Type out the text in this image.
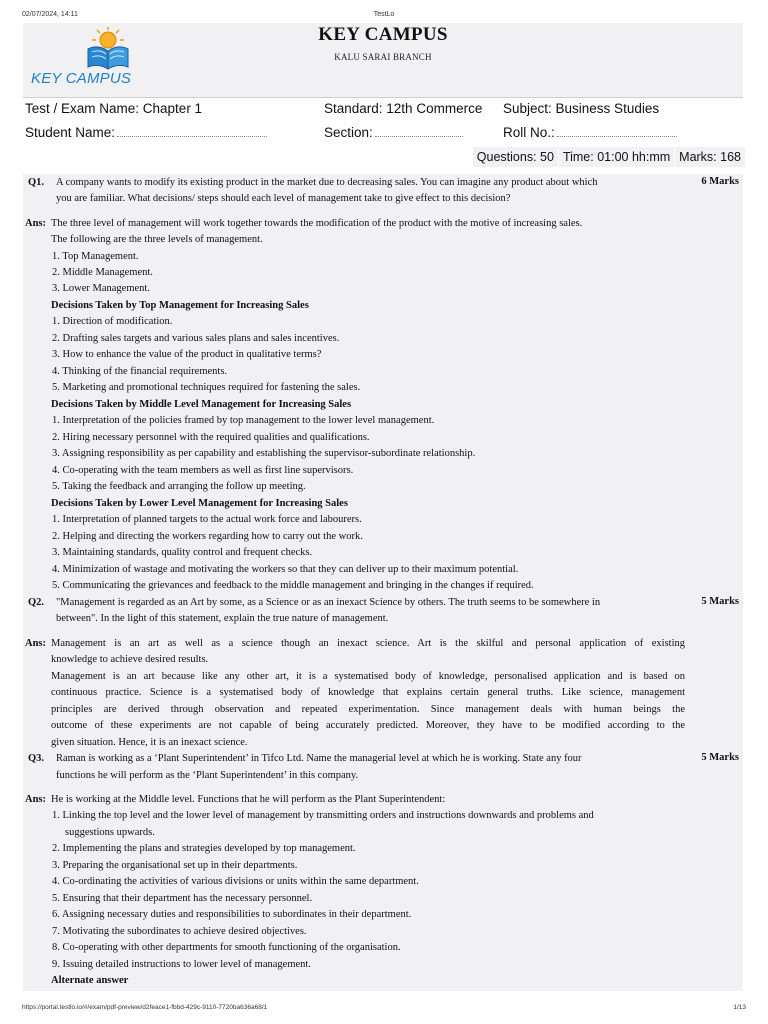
02/07/2024, 14:11	TestLo
KEY CAMPUS
KEY CAMPUS
KALU SARAI BRANCH
Test / Exam Name: Chapter 1	Standard: 12th Commerce Subject: Business Studies
Student Name:	Section:	Roll No.:
Questions: 50 Time: 01:00 hh:mm Marks: 168
Q1. A company wants to modify its existing product in the market due to decreasing sales. You can imagine any product about which
you are familiar. What decisions/ steps should each level of management take to give effect to this decision?
6 Marks
Ans: The three level of management will work together towards the modification of the product with the motive of increasing sales.
The following are the three levels of management.
1. Top Management.
2. Middle Management.
3. Lower Management.
Decisions Taken by Top Management for Increasing Sales
1. Direction of modification.
2. Drafting sales targets and various sales plans and sales incentives.
3. How to enhance the value of the product in qualitative terms?
4. Thinking of the financial requirements.
5. Marketing and promotional techniques required for fastening the sales.
Decisions Taken by Middle Level Management for Increasing Sales
1. Interpretation of the policies framed by top management to the lower level management.
2. Hiring necessary personnel with the required qualities and qualifications.
3. Assigning responsibility as per capability and establishing the supervisor-subordinate relationship.
4. Co-operating with the team members as well as first line supervisors.
5. Taking the feedback and arranging the follow up meeting.
Decisions Taken by Lower Level Management for Increasing Sales
1. Interpretation of planned targets to the actual work force and labourers.
2. Helping and directing the workers regarding how to carry out the work.
3. Maintaining standards, quality control and frequent checks.
4. Minimization of wastage and motivating the workers so that they can deliver up to their maximum potential.
5. Communicating the grievances and feedback to the middle management and bringing in the changes if required.
Q2. "Management is regarded as an Art by some, as a Science or as an inexact Science by others. The truth seems to be somewhere in
between". In the light of this statement, explain the true nature of management.
5 Marks
Ans: Management is an art as well as a science though an inexact science. Art is the skilful and personal application of existing
knowledge to achieve desired results.
Management is an art because like any other art, it is a systematised body of knowledge, personalised application and is based on
continuous practice. Science is a systematised body of knowledge that explains certain general truths. Like science, management
principles are derived through observation and repeated experimentation. Since management deals with human beings the
outcome of these experiments are not capable of being accurately predicted. Moreover, they have to be modified according to the
given situation. Hence, it is an inexact science.
Q3. Raman is working as a ‘Plant Superintendent’ in Tifco Ltd. Name the managerial level at which he is working. State any four
functions he will perform as the ‘Plant Superintendent’ in this company.
5 Marks
Ans: He is working at the Middle level. Functions that he will perform as the Plant Superintendent:
1. Linking the top level and the lower level of management by transmitting orders and instructions downwards and problems and
suggestions upwards.
2. Implementing the plans and strategies developed by top management.
3. Preparing the organisational set up in their departments.
4. Co-ordinating the activities of various divisions or units within the same department.
5. Ensuring that their department has the necessary personnel.
6. Assigning necessary duties and responsibilities to subordinates in their department.
7. Motivating the subordinates to achieve desired objectives.
8. Co-operating with other departments for smooth functioning of the organisation.
9. Issuing detailed instructions to lower level of management.
Alternate answer
https://portal.testlo.io/#/exam/pdf-preview/d2feace1-fbbd-429c-9110-7720ba636a68/1	1/13
